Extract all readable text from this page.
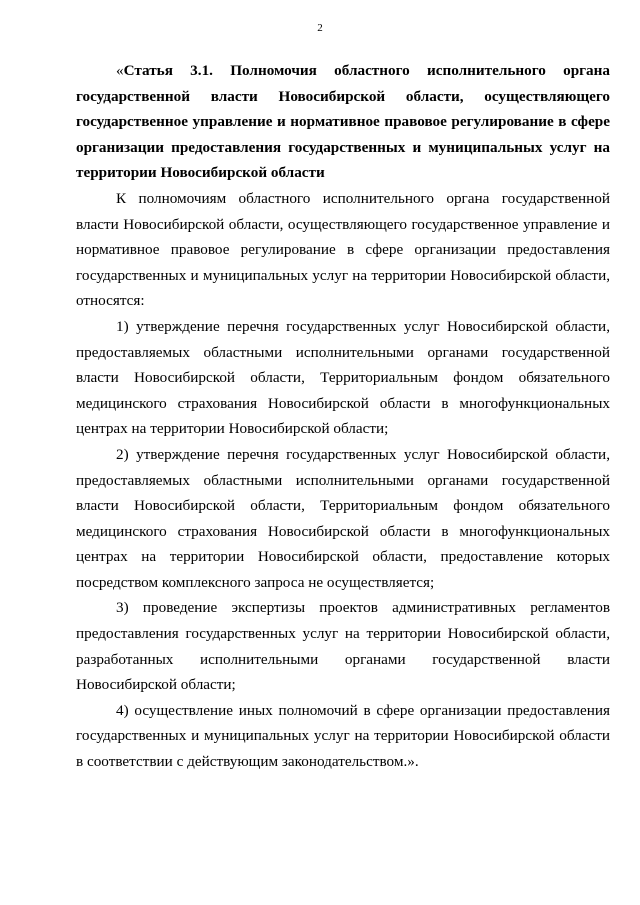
2

«Статья 3.1. Полномочия областного исполнительного органа государственной власти Новосибирской области, осуществляющего государственное управление и нормативное правовое регулирование в сфере организации предоставления государственных и муниципальных услуг на территории Новосибирской области

К полномочиям областного исполнительного органа государственной власти Новосибирской области, осуществляющего государственное управление и нормативное правовое регулирование в сфере организации предоставления государственных и муниципальных услуг на территории Новосибирской области, относятся:

1) утверждение перечня государственных услуг Новосибирской области, предоставляемых областными исполнительными органами государственной власти Новосибирской области, Территориальным фондом обязательного медицинского страхования Новосибирской области в многофункциональных центрах на территории Новосибирской области;

2) утверждение перечня государственных услуг Новосибирской области, предоставляемых областными исполнительными органами государственной власти Новосибирской области, Территориальным фондом обязательного медицинского страхования Новосибирской области в многофункциональных центрах на территории Новосибирской области, предоставление которых посредством комплексного запроса не осуществляется;

3) проведение экспертизы проектов административных регламентов предоставления государственных услуг на территории Новосибирской области, разработанных исполнительными органами государственной власти Новосибирской области;

4) осуществление иных полномочий в сфере организации предоставления государственных и муниципальных услуг на территории Новосибирской области в соответствии с действующим законодательством.».
